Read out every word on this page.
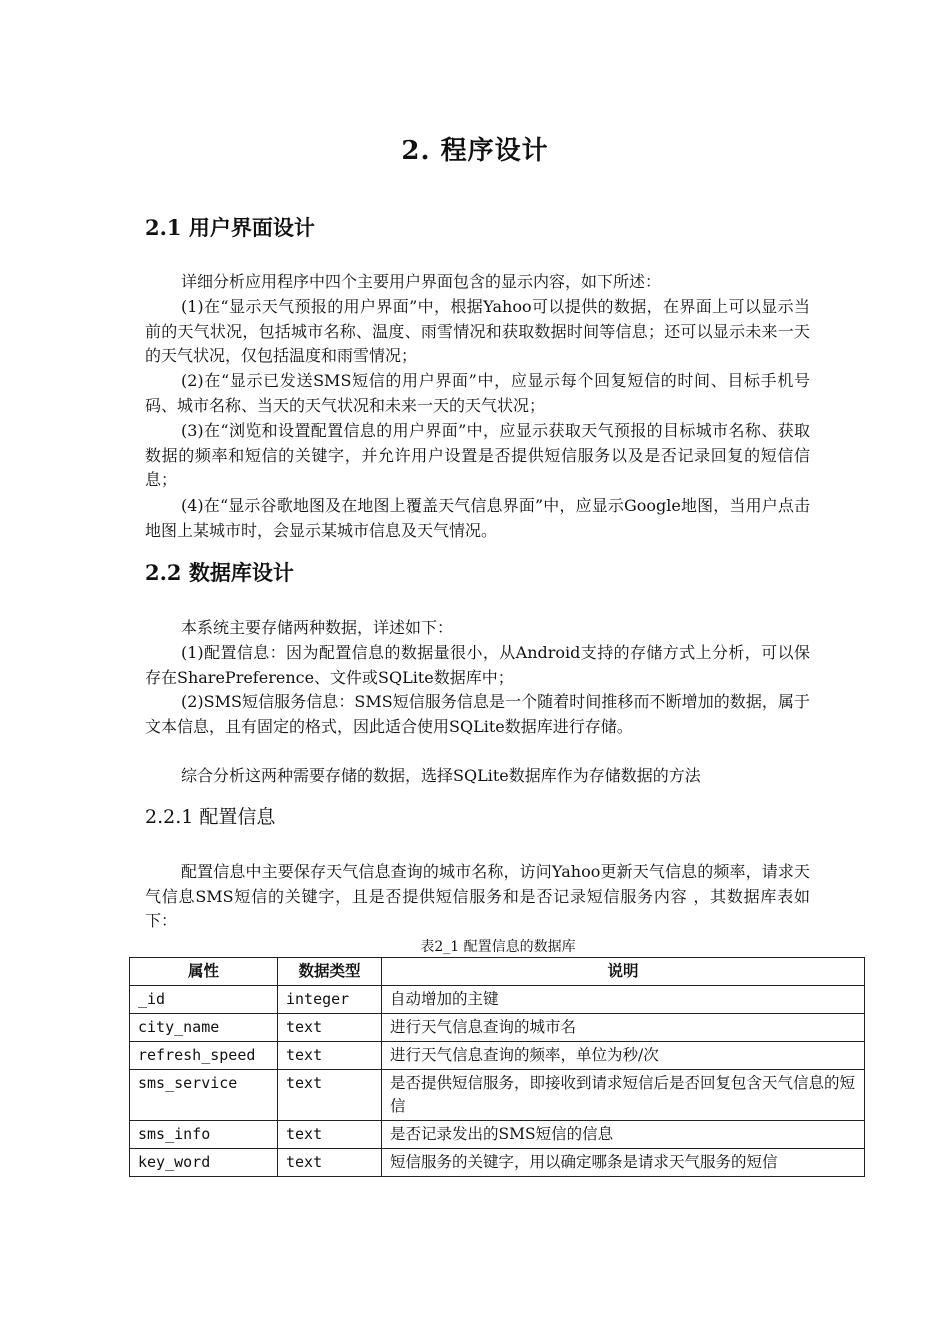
2. 程序设计
2.1 用户界面设计

详细分析应用程序中四个主要用户界面包含的显示内容，如下所述：

(1)在“显示天气预报的用户界面”中，根据Yahoo可以提供的数据，在界面上可以显示当前的天气状况，包括城市名称、温度、雨雪情况和获取数据时间等信息；还可以显示未来一天的天气状况，仅包括温度和雨雪情况；

(2)在“显示已发送SMS短信的用户界面”中，应显示每个回复短信的时间、目标手机号码、城市名称、当天的天气状况和未来一天的天气状况；

(3)在“浏览和设置配置信息的用户界面”中，应显示获取天气预报的目标城市名称、获取数据的频率和短信的关键字，并允许用户设置是否提供短信服务以及是否记录回复的短信信息；

(4)在“显示谷歌地图及在地图上覆盖天气信息界面”中，应显示Google地图，当用户点击地图上某城市时，会显示某城市信息及天气情况。

2.2 数据库设计

本系统主要存储两种数据，详述如下：

(1)配置信息：因为配置信息的数据量很小，从Android支持的存储方式上分析，可以保存在SharePreference、文件或SQLite数据库中；

(2)SMS短信服务信息：SMS短信服务信息是一个随着时间推移而不断增加的数据，属于文本信息，且有固定的格式，因此适合使用SQLite数据库进行存储。

综合分析这两种需要存储的数据，选择SQLite数据库作为存储数据的方法

2.2.1 配置信息

配置信息中主要保存天气信息查询的城市名称，访问Yahoo更新天气信息的频率，请求天气信息SMS短信的关键字，且是否提供短信服务和是否记录短信服务内容 ，其数据库表如下：

表2_1 配置信息的数据库
属性	数据类型	说明
_id	integer	自动增加的主键
city_name	text	进行天气信息查询的城市名
refresh_speed	text	进行天气信息查询的频率，单位为秒/次
sms_service	text	是否提供短信服务，即接收到请求短信后是否回复包含天气信息的短信
sms_info	text	是否记录发出的SMS短信的信息
key_word	text	短信服务的关键字，用以确定哪条是请求天气服务的短信
